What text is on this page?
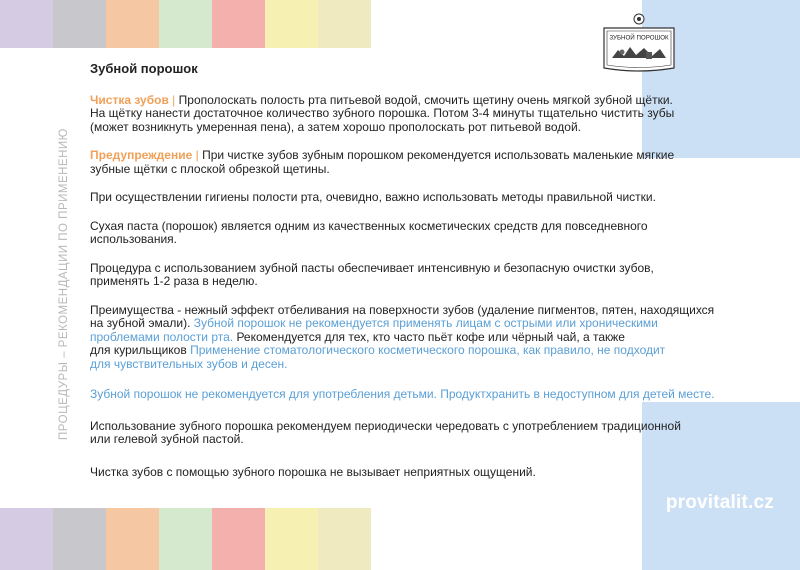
provitalit.cz
ЗУБНОЙ ПОРОШОК
ПРОЦЕДУРЫ – РЕКОМЕНДАЦИИ ПО ПРИМЕНЕНИЮ

Зубной порошок

Чистка зубов | Прополоскать полость рта питьевой водой, смочить щетину очень мягкой зубной щётки.
На щётку нанести достаточное количество зубного порошка. Потом 3-4 минуты тщательно чистить зубы
(может возникнуть умеренная пена), а затем хорошо прополоскать рот питьевой водой.

Предупреждение | При чистке зубов зубным порошком рекомендуется использовать маленькие мягкие
зубные щётки с плоской обрезкой щетины.

При осуществлении гигиены полости рта, очевидно, важно использовать методы правильной чистки.

Сухая паста (порошок) является одним из качественных косметических средств для повседневного
использования.

Процедура с использованием зубной пасты обеспечивает интенсивную и безопасную очистки зубов,
применять 1-2 раза в неделю.

Преимущества - нежный эффект отбеливания на поверхности зубов (удаление пигментов, пятен, находящихся
на зубной эмали). Зубной порошок не рекомендуется применять лицам с острыми или хроническими
проблемами полости рта. Рекомендуется для тех, кто часто пьёт кофе или чёрный чай, а также
для курильщиков Применение стоматологического косметического порошка, как правило, не подходит
для чувствительных зубов и десен.

Зубной порошок не рекомендуется для употребления детьми. Продуктхранить в недоступном для детей месте.

Использование зубного порошка рекомендуем периодически чередовать с употреблением традиционной
или гелевой зубной пастой.

Чистка зубов с помощью зубного порошка не вызывает неприятных ощущений.
